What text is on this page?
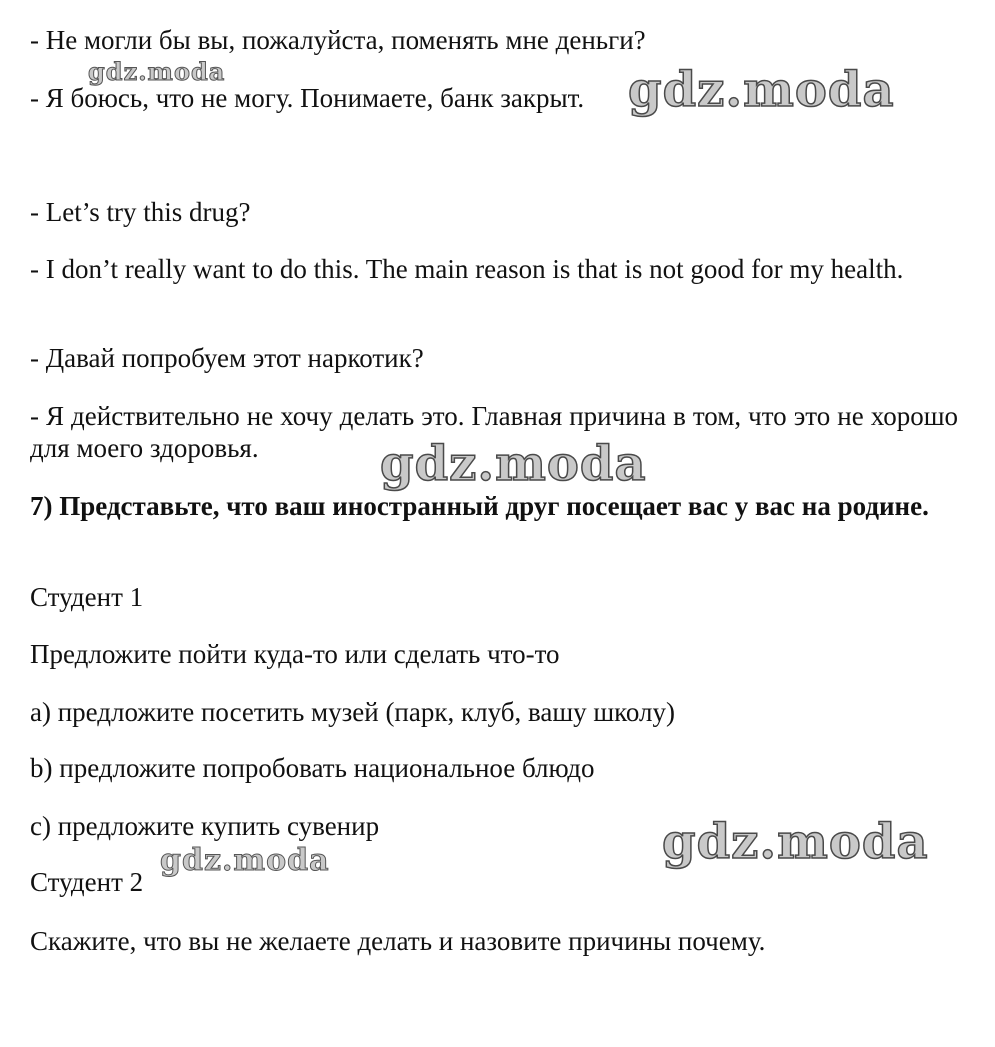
- Не могли бы вы, пожалуйста, поменять мне деньги?

- Я боюсь, что не могу. Понимаете, банк закрыт.

- Let’s try this drug?

- I don’t really want to do this. The main reason is that is not good for my health.

- Давай попробуем этот наркотик?

- Я действительно не хочу делать это. Главная причина в том, что это не хорошо для моего здоровья.

7) Представьте, что ваш иностранный друг посещает вас у вас на родине.

Студент 1

Предложите пойти куда-то или сделать что-то

a) предложите посетить музей (парк, клуб, вашу школу)

b) предложите попробовать национальное блюдо

c) предложите купить сувенир

Студент 2

Скажите, что вы не желаете делать и назовите причины почему.

gdz.moda	gdz.moda
gdz.moda
gdz.moda
gdz.moda
